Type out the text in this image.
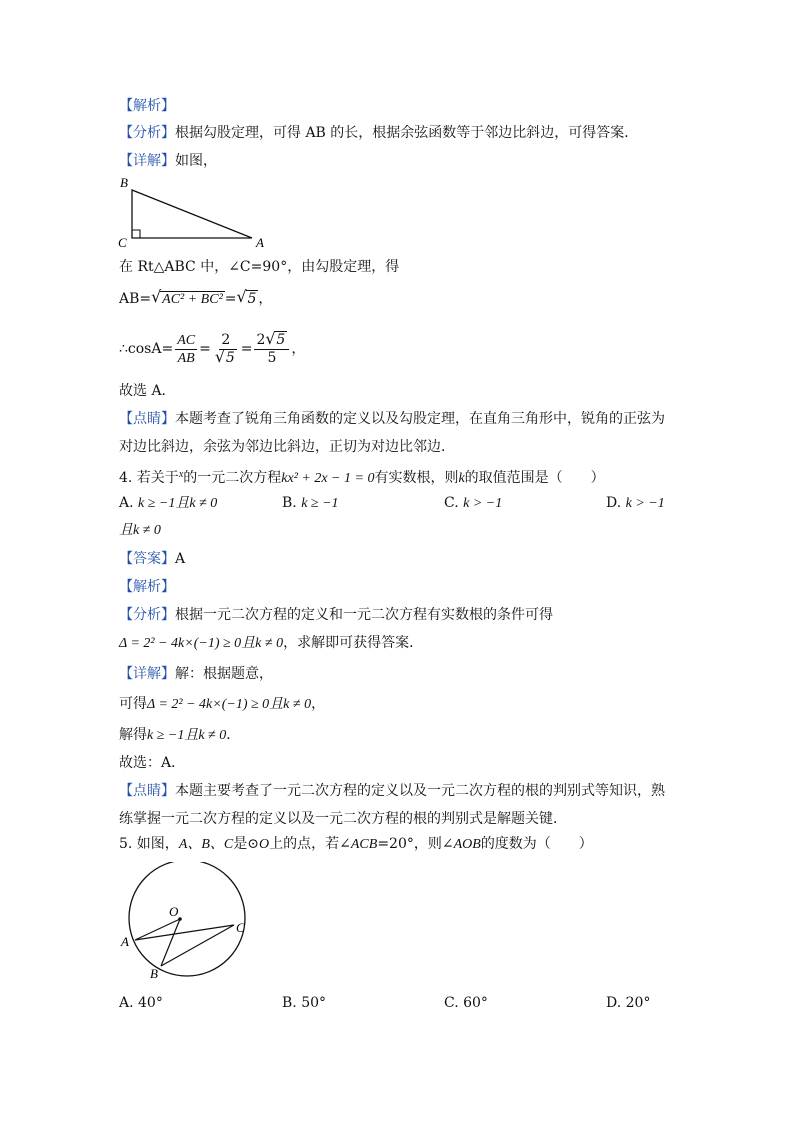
【解析】
【分析】根据勾股定理，可得 AB 的长，根据余弦函数等于邻边比斜边，可得答案．
【详解】如图，
B
C	A
在 Rt△ABC 中，∠C=90°，由勾股定理，得
AB= √ AC² + BC² = √ 5 ，
∴cosA= $\frac{AC}{AB} = \frac{2}{√ 5} = \frac{2 √ 5}{5}$ ，
故选 A．
【点睛】本题考查了锐角三角函数的定义以及勾股定理，在直角三角形中，锐角的正弦为
对边比斜边，余弦为邻边比斜边，正切为对边比邻边．
4. 若关于$^x$的一元二次方程kx² + 2x − 1 = 0有实数根，则k的取值范围是（　　）
A. k ≥ −1且k ≠ 0	B. k ≥ −1	C. k > −1	D. k > −1
且k ≠ 0
【答案】A
【解析】
【分析】根据一元二次方程的定义和一元二次方程有实数根的条件可得
Δ = 2² − 4k×(−1) ≥ 0且k ≠ 0，求解即可获得答案．
【详解】解：根据题意，
可得Δ = 2² − 4k×(−1) ≥ 0且k ≠ 0，
解得k ≥ −1且k ≠ 0．
故选：A．
【点睛】本题主要考查了一元二次方程的定义以及一元二次方程的根的判别式等知识，熟
练掌握一元二次方程的定义以及一元二次方程的根的判别式是解题关键．
5. 如图，A、B、C是⊙O上的点，若∠ACB=20°，则∠AOB的度数为（　　）
O
A
B
C
A. 40°	B. 50°	C. 60°	D. 20°
